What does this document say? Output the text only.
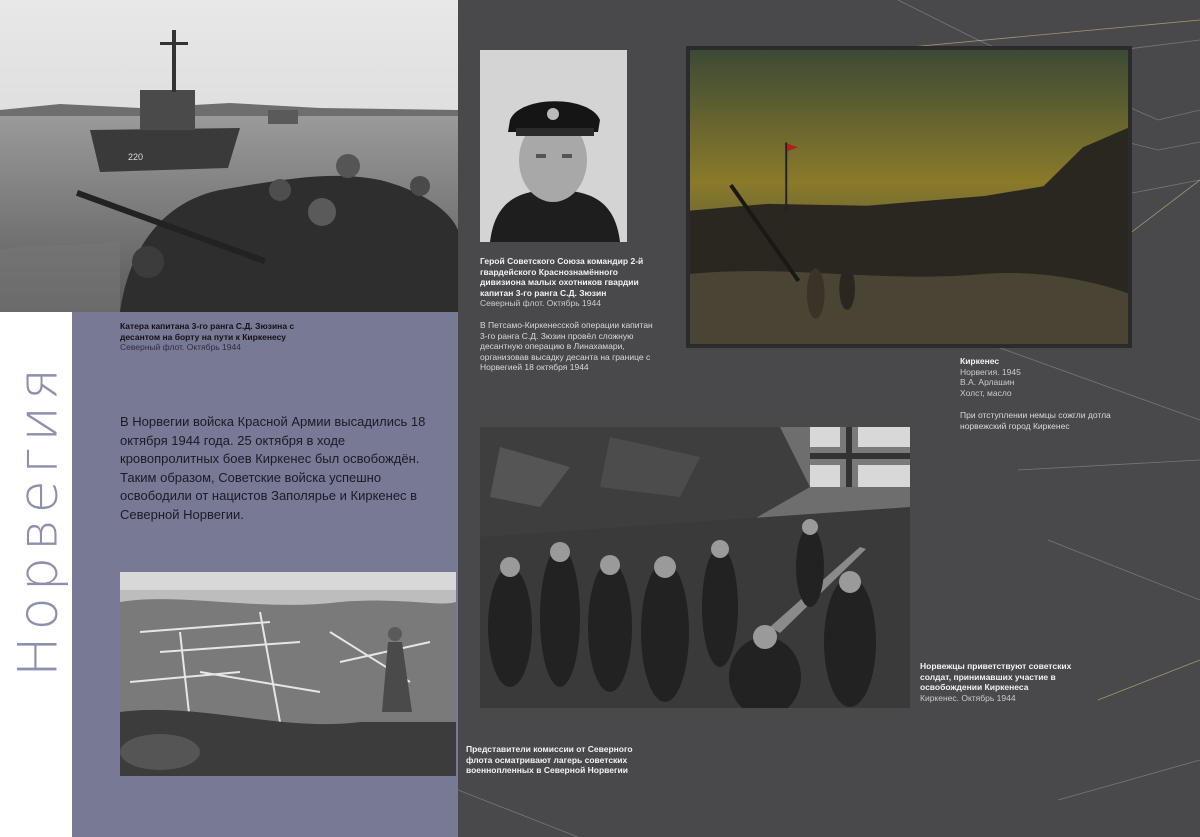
Норвегия
220
Катера капитана 3-го ранга С.Д. Зюзина с десантом на борту на пути к Киркенесу
Северный флот. Октябрь 1944
Герой Советского Союза командир 2-й гвардейского Краснознамённого дивизиона малых охотников гвардии капитан 3-го ранга С.Д. Зюзин
Северный флот. Октябрь 1944
В Петсамо-Киркенесской операции капитан 3-го ранга С.Д. Зюзин провёл сложную десантную операцию в Линахамари, организовав высадку десанта на границе с Норвегией 18 октября 1944
Киркенес
Норвегия. 1945
В.А. Арлашин
Холст, масло
При отступлении немцы сожгли дотла норвежский город Киркенес
В Норвегии войска Красной Армии высадились 18 октября 1944 года. 25 октября в ходе кровопролитных боев Киркенес был освобождён. Таким образом, Советские войска успешно освободили от нацистов Заполярье и Киркенес в Северной Норвегии.
Норвежцы приветствуют советских солдат, принимавших участие в освобождении Киркенеса
Киркенес. Октябрь 1944
Представители комиссии от Северного флота осматривают лагерь советских военнопленных в Северной Норвегии
